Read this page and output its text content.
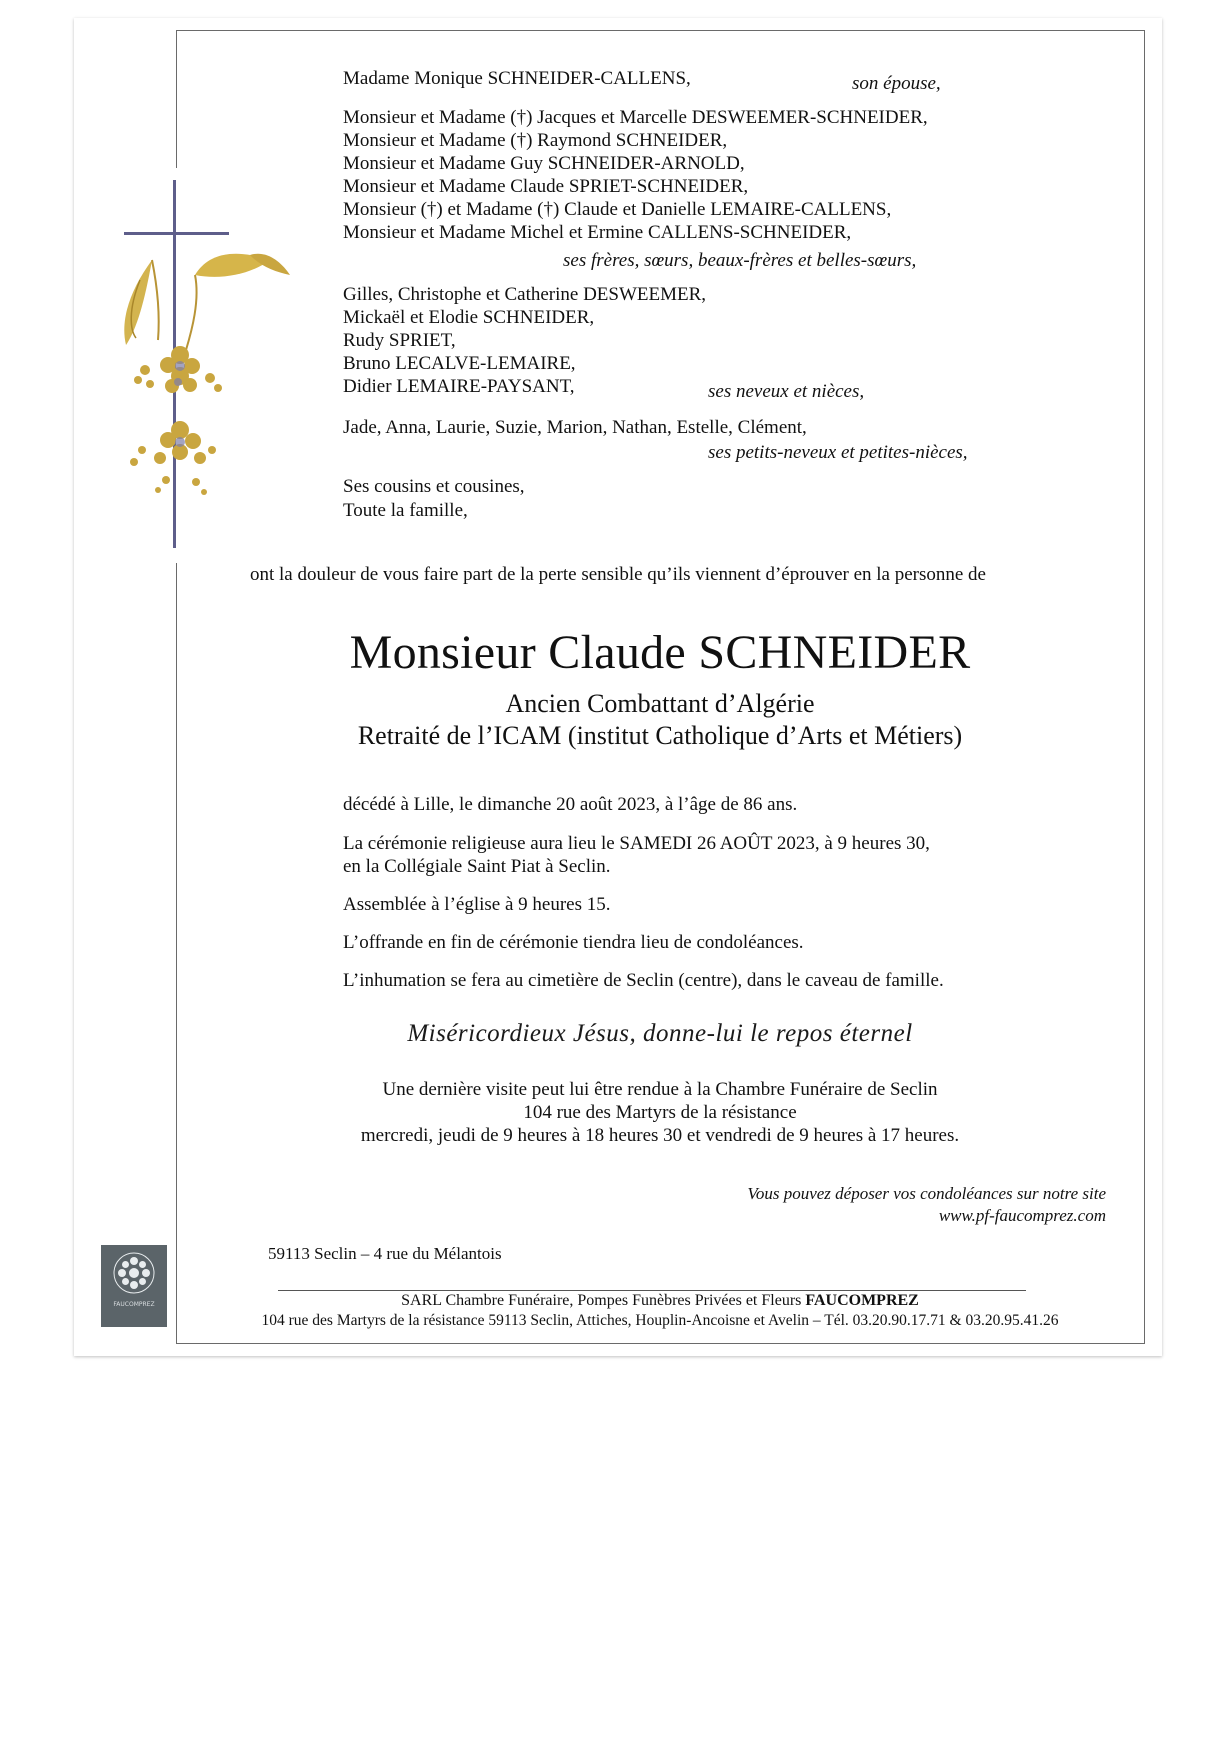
Madame Monique SCHNEIDER-CALLENS,	son épouse,
Monsieur et Madame (†) Jacques et Marcelle DESWEEMER-SCHNEIDER,
Monsieur et Madame (†) Raymond SCHNEIDER,
Monsieur et Madame Guy SCHNEIDER-ARNOLD,
Monsieur et Madame Claude SPRIET-SCHNEIDER,
Monsieur (†) et Madame (†) Claude et Danielle LEMAIRE-CALLENS,
Monsieur et Madame Michel et Ermine CALLENS-SCHNEIDER,
ses frères, sœurs, beaux-frères et belles-sœurs,
Gilles, Christophe et Catherine DESWEEMER,
Mickaël et Elodie SCHNEIDER,
Rudy SPRIET,
Bruno LECALVE-LEMAIRE,
Didier LEMAIRE-PAYSANT,	ses neveux et nièces,
Jade, Anna, Laurie, Suzie, Marion, Nathan, Estelle, Clément,
ses petits-neveux et petites-nièces,
Ses cousins et cousines,
Toute la famille,
ont la douleur de vous faire part de la perte sensible qu’ils viennent d’éprouver en la personne de
Monsieur Claude SCHNEIDER
Ancien Combattant d’Algérie
Retraité de l’ICAM (institut Catholique d’Arts et Métiers)
décédé à Lille, le dimanche 20 août 2023, à l’âge de 86 ans.
La cérémonie religieuse aura lieu le SAMEDI 26 AOÛT 2023, à 9 heures 30,
en la Collégiale Saint Piat à Seclin.
Assemblée à l’église à 9 heures 15.
L’offrande en fin de cérémonie tiendra lieu de condoléances.
L’inhumation se fera au cimetière de Seclin (centre), dans le caveau de famille.
Miséricordieux Jésus, donne-lui le repos éternel
Une dernière visite peut lui être rendue à la Chambre Funéraire de Seclin
104 rue des Martyrs de la résistance
mercredi, jeudi de 9 heures à 18 heures 30 et vendredi de 9 heures à 17 heures.
Vous pouvez déposer vos condoléances sur notre site
www.pf-faucomprez.com
FAUCOMPREZ
59113 Seclin – 4 rue du Mélantois
SARL Chambre Funéraire, Pompes Funèbres Privées et Fleurs FAUCOMPREZ
104 rue des Martyrs de la résistance 59113 Seclin, Attiches, Houplin-Ancoisne et Avelin – Tél. 03.20.90.17.71 & 03.20.95.41.26
